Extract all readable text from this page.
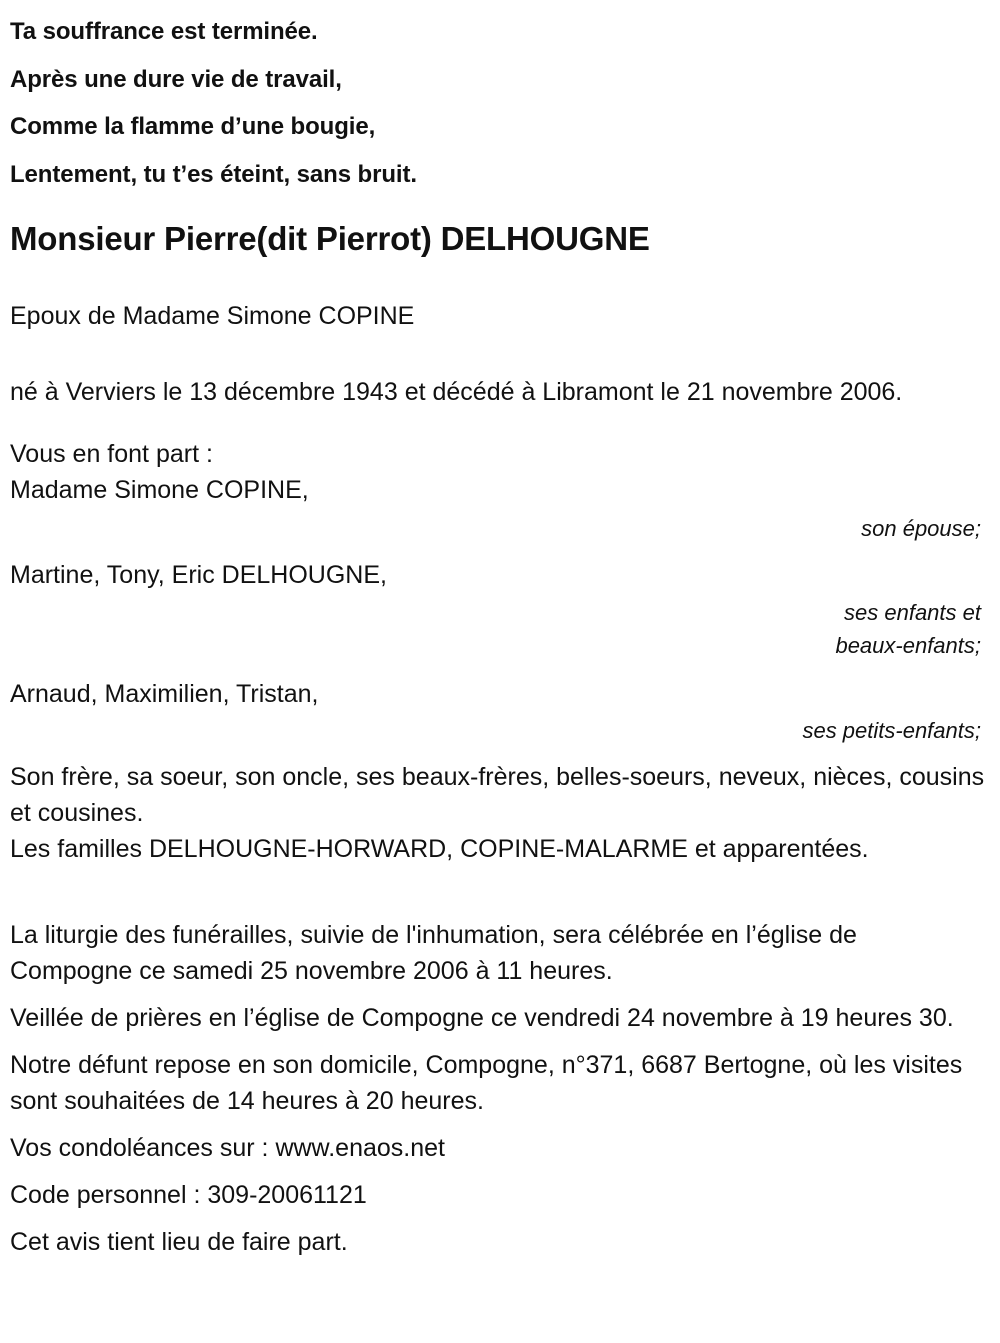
Ta souffrance est terminée.
Après une dure vie de travail,
Comme la flamme d’une bougie,
Lentement, tu t’es éteint, sans bruit.
Monsieur Pierre(dit Pierrot) DELHOUGNE

Epoux de Madame Simone COPINE

né à Verviers le 13 décembre 1943 et décédé à Libramont le 21 novembre 2006.

Vous en font part :

Madame Simone COPINE,
son épouse;
Martine, Tony, Eric DELHOUGNE,
ses enfants et
beaux-enfants;
Arnaud, Maximilien, Tristan,
ses petits-enfants;

Son frère, sa soeur, son oncle, ses beaux-frères, belles-soeurs, neveux, nièces, cousins et cousines.

Les familles DELHOUGNE-HORWARD, COPINE-MALARME et apparentées.

La liturgie des funérailles, suivie de l'inhumation, sera célébrée en l’église de Compogne ce samedi 25 novembre 2006 à 11 heures.

Veillée de prières en l’église de Compogne ce vendredi 24 novembre à 19 heures 30.

Notre défunt repose en son domicile, Compogne, n°371, 6687 Bertogne, où les visites sont souhaitées de 14 heures à 20 heures.

Vos condoléances sur : www.enaos.net

Code personnel : 309-20061121

Cet avis tient lieu de faire part.
